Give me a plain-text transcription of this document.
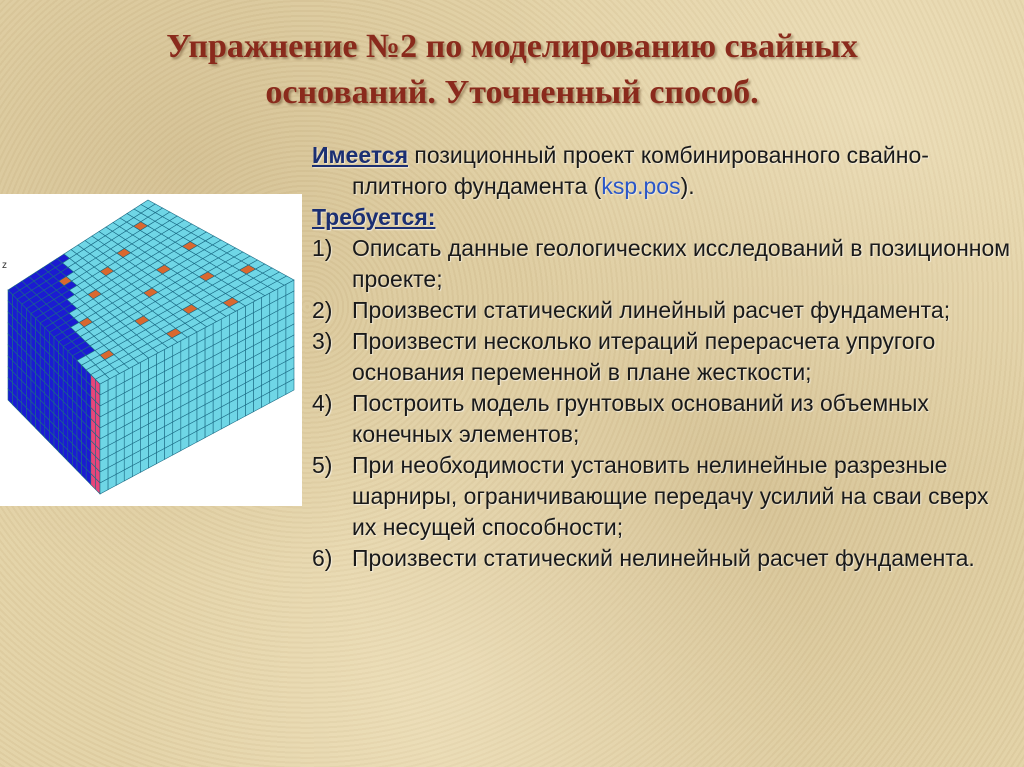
Упражнение №2 по моделированию свайных
оснований. Уточненный способ.
z

Имеется позиционный проект комбинированного свайно-плитного фундамента (ksp.pos).

Требуется:

1) Описать данные геологических исследований в позиционном проекте;
2) Произвести статический линейный расчет фундамента;
3) Произвести несколько итераций перерасчета упругого основания переменной в плане жесткости;
4) Построить модель грунтовых оснований из объемных конечных элементов;
5) При необходимости установить нелинейные разрезные шарниры, ограничивающие передачу усилий на сваи сверх их несущей способности;
6) Произвести статический нелинейный расчет фундамента.
